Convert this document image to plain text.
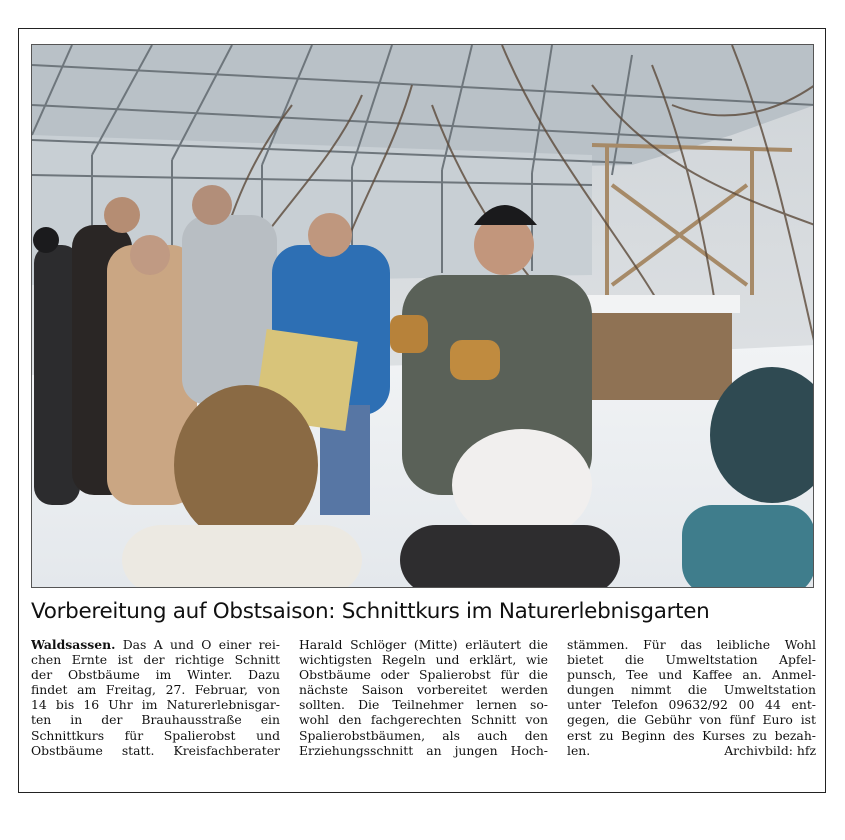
Vorbereitung auf Obstsaison: Schnittkurs im Naturerlebnisgarten
Waldsassen. Das A und O einer rei-
chen Ernte ist der richtige Schnitt
der Obstbäume im Winter. Dazu
findet am Freitag, 27. Februar, von
14 bis 16 Uhr im Naturerlebnisgar-
ten in der Brauhausstraße ein
Schnittkurs für Spalierobst und
Obstbäume statt. Kreisfachberater
Harald Schlöger (Mitte) erläutert die
wichtigsten Regeln und erklärt, wie
Obstbäume oder Spalierobst für die
nächste Saison vorbereitet werden
sollten. Die Teilnehmer lernen so-
wohl den fachgerechten Schnitt von
Spalierobstbäumen, als auch den
Erziehungsschnitt an jungen Hoch-
stämmen. Für das leibliche Wohl
bietet die Umweltstation Apfel-
punsch, Tee und Kaffee an. Anmel-
dungen nimmt die Umweltstation
unter Telefon 09632/92 00 44 ent-
gegen, die Gebühr von fünf Euro ist
erst zu Beginn des Kurses zu bezah-
len.	Archivbild: hfz
